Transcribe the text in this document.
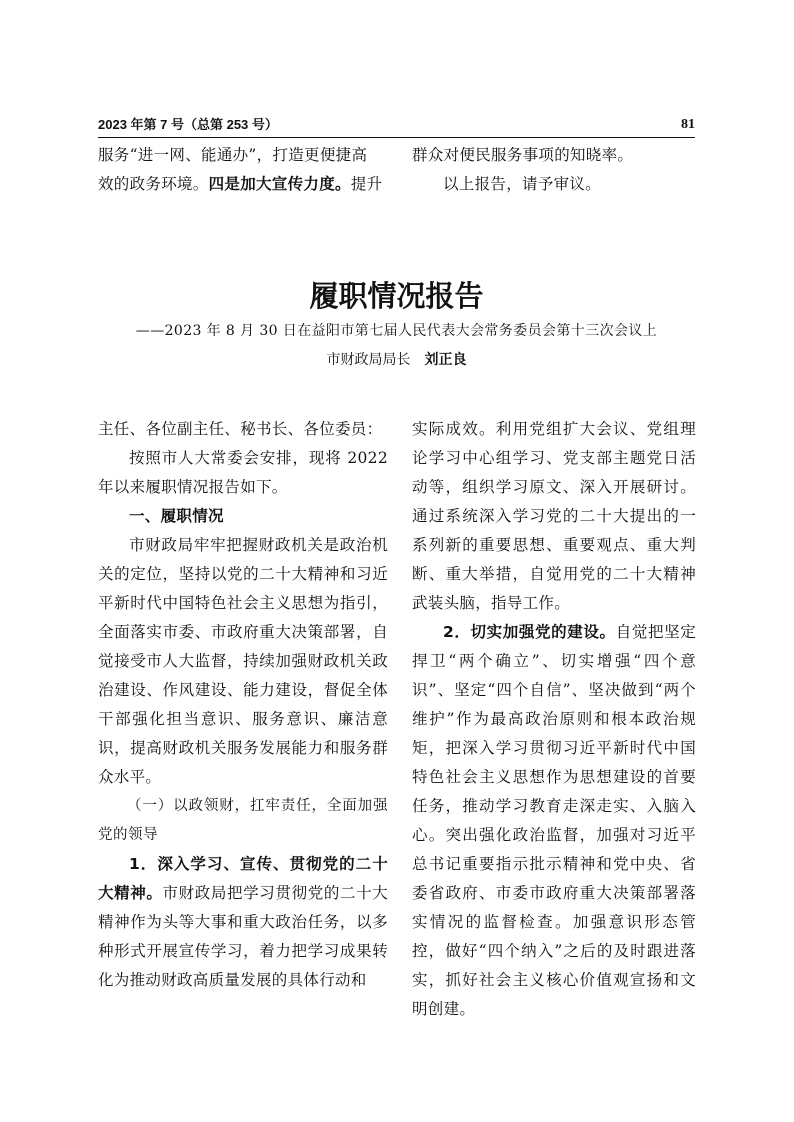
2023 年第 7 号（总第 253 号）	81

服务“进一网、能通办”，打造更便捷高

效的政务环境。四是加大宣传力度。提升

群众对便民服务事项的知晓率。

以上报告，请予审议。

履职情况报告
——2023 年 8 月 30 日在益阳市第七届人民代表大会常务委员会第十三次会议上
市财政局局长 刘正良

主任、各位副主任、秘书长、各位委员：

按照市人大常委会安排，现将 2022 年以来履职情况报告如下。

一、履职情况

市财政局牢牢把握财政机关是政治机关的定位，坚持以党的二十大精神和习近平新时代中国特色社会主义思想为指引，全面落实市委、市政府重大决策部署，自觉接受市人大监督，持续加强财政机关政治建设、作风建设、能力建设，督促全体干部强化担当意识、服务意识、廉洁意识，提高财政机关服务发展能力和服务群众水平。

（一）以政领财，扛牢责任，全面加强党的领导

1．深入学习、宣传、贯彻党的二十大精神。市财政局把学习贯彻党的二十大精神作为头等大事和重大政治任务，以多种形式开展宣传学习，着力把学习成果转化为推动财政高质量发展的具体行动和

实际成效。利用党组扩大会议、党组理论学习中心组学习、党支部主题党日活动等，组织学习原文、深入开展研讨。通过系统深入学习党的二十大提出的一系列新的重要思想、重要观点、重大判断、重大举措，自觉用党的二十大精神武装头脑，指导工作。

2．切实加强党的建设。自觉把坚定捍卫“两个确立”、切实增强“四个意识”、坚定“四个自信”、坚决做到“两个维护”作为最高政治原则和根本政治规矩，把深入学习贯彻习近平新时代中国特色社会主义思想作为思想建设的首要任务，推动学习教育走深走实、入脑入心。突出强化政治监督，加强对习近平总书记重要指示批示精神和党中央、省委省政府、市委市政府重大决策部署落实情况的监督检查。加强意识形态管控，做好“四个纳入”之后的及时跟进落实，抓好社会主义核心价值观宣扬和文明创建。
